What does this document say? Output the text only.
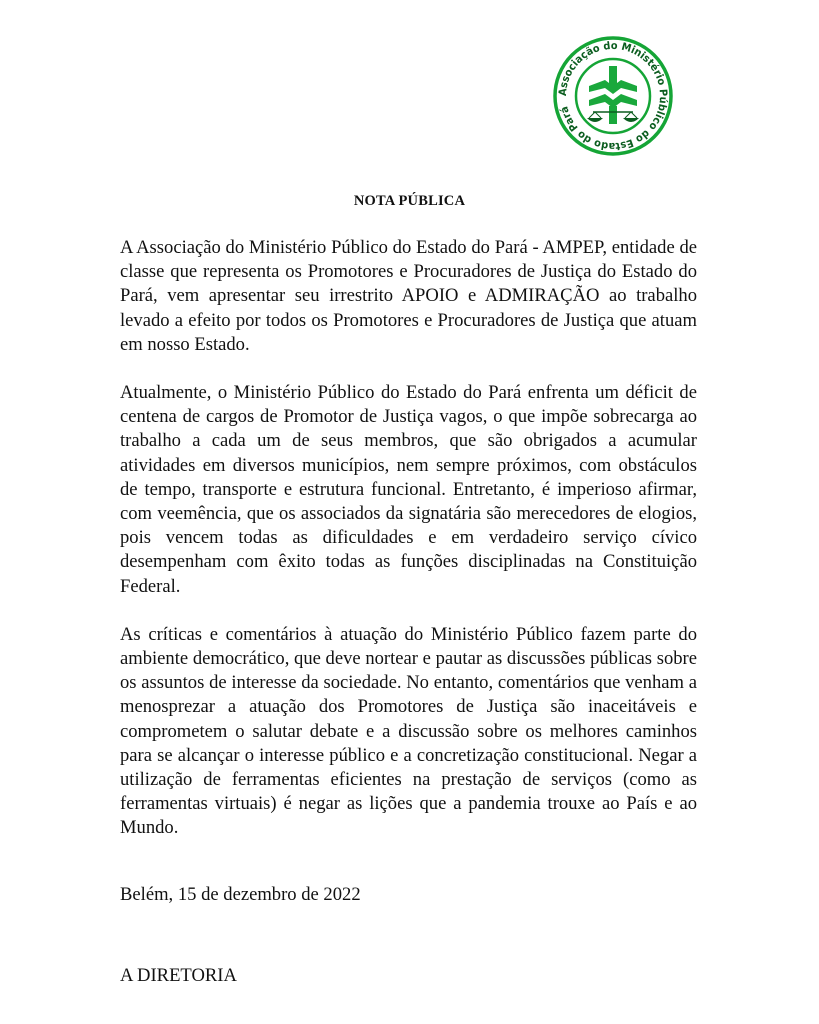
Associação do Ministério Público do Estado do Pará
NOTA PÚBLICA

A Associação do Ministério Público do Estado do Pará - AMPEP, entidade de classe que representa os Promotores e Procuradores de Justiça do Estado do Pará, vem apresentar seu irrestrito APOIO e ADMIRAÇÃO ao trabalho levado a efeito por todos os Promotores e Procuradores de Justiça que atuam em nosso Estado.

Atualmente, o Ministério Público do Estado do Pará enfrenta um déficit de centena de cargos de Promotor de Justiça vagos, o que impõe sobrecarga ao trabalho a cada um de seus membros, que são obrigados a acumular atividades em diversos municípios, nem sempre próximos, com obstáculos de tempo, transporte e estrutura funcional. Entretanto, é imperioso afirmar, com veemência, que os associados da signatária são merecedores de elogios, pois vencem todas as dificuldades e em verdadeiro serviço cívico desempenham com êxito todas as funções disciplinadas na Constituição Federal.

As críticas e comentários à atuação do Ministério Público fazem parte do ambiente democrático, que deve nortear e pautar as discussões públicas sobre os assuntos de interesse da sociedade. No entanto, comentários que venham a menosprezar a atuação dos Promotores de Justiça são inaceitáveis e comprometem o salutar debate e a discussão sobre os melhores caminhos para se alcançar o interesse público e a concretização constitucional. Negar a utilização de ferramentas eficientes na prestação de serviços (como as ferramentas virtuais) é negar as lições que a pandemia trouxe ao País e ao Mundo.

Belém, 15 de dezembro de 2022
A DIRETORIA
